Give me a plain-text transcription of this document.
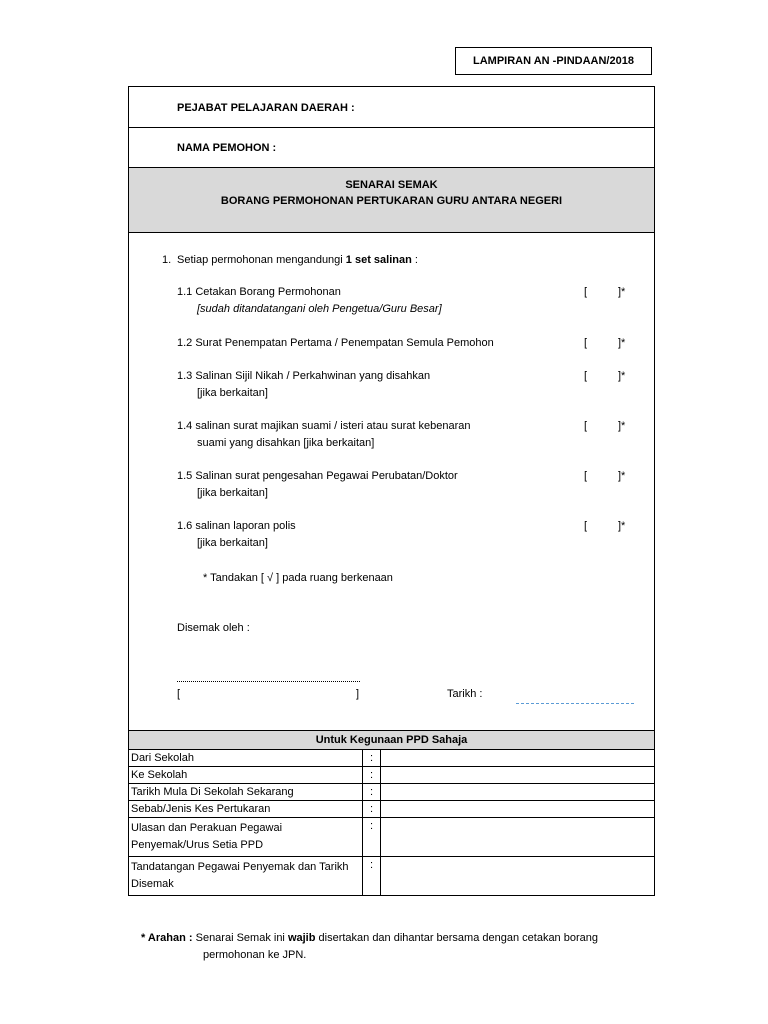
LAMPIRAN AN -PINDAAN/2018
PEJABAT PELAJARAN DAERAH :
NAMA PEMOHON :
SENARAI SEMAK
BORANG PERMOHONAN PERTUKARAN GURU ANTARA NEGERI
1. Setiap permohonan mengandungi 1 set salinan :
1.1 Cetakan Borang Permohonan
[sudah ditandatangani oleh Pengetua/Guru Besar]
[	]*
1.2 Surat Penempatan Pertama / Penempatan Semula Pemohon	[	]*
1.3 Salinan Sijil Nikah / Perkahwinan yang disahkan
[jika berkaitan]
[	]*
1.4 salinan surat majikan suami / isteri atau surat kebenaran
suami yang disahkan [jika berkaitan]
[	]*
1.5 Salinan surat pengesahan Pegawai Perubatan/Doktor
[jika berkaitan]
[	]*
1.6 salinan laporan polis
[jika berkaitan]
[	]*
* Tandakan [ √ ] pada ruang berkenaan
Disemak oleh :
[	]	Tarikh :
Untuk Kegunaan PPD Sahaja		
Dari Sekolah	:	
Ke Sekolah	:	
Tarikh Mula Di Sekolah Sekarang	:	
Sebab/Jenis Kes Pertukaran	:	
Ulasan dan Perakuan Pegawai Penyemak/Urus Setia PPD	:	
Tandatangan Pegawai Penyemak dan Tarikh Disemak	:	
* Arahan : Senarai Semak ini wajib disertakan dan dihantar bersama dengan cetakan borang
permohonan ke JPN.
